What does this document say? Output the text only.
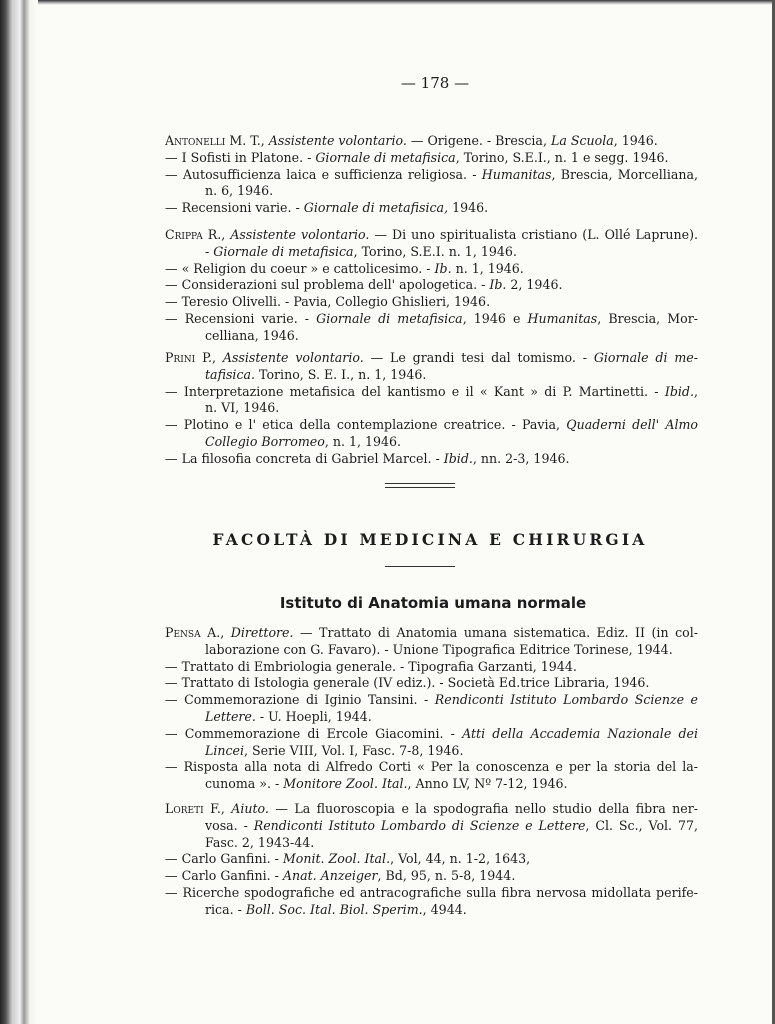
— 178 —
Antonelli M. T., Assistente volontario. — Origene. - Brescia, La Scuola, 1946.
— I Sofisti in Platone. - Giornale di metafisica, Torino, S.E.I., n. 1 e segg. 1946.
— Autosufficienza laica e sufficienza religiosa. - Humanitas, Brescia, Morcelliana,
n. 6, 1946.
— Recensioni varie. - Giornale di metafisica, 1946.
Crippa R., Assistente volontario. — Di uno spiritualista cristiano (L. Ollé Laprune).
- Giornale di metafisica, Torino, S.E.I. n. 1, 1946.
— « Religion du coeur » e cattolicesimo. - Ib. n. 1, 1946.
— Considerazioni sul problema dell' apologetica. - Ib. 2, 1946.
— Teresio Olivelli. - Pavia, Collegio Ghislieri, 1946.
— Recensioni varie. - Giornale di metafisica, 1946 e Humanitas, Brescia, Mor-
celliana, 1946.
Prini P., Assistente volontario. — Le grandi tesi dal tomismo. - Giornale di me-
tafisica. Torino, S. E. I., n. 1, 1946.
— Interpretazione metafisica del kantismo e il « Kant » di P. Martinetti. - Ibid.,
n. VI, 1946.
— Plotino e l' etica della contemplazione creatrice. - Pavia, Quaderni dell' Almo
Collegio Borromeo, n. 1, 1946.
— La filosofia concreta di Gabriel Marcel. - Ibid., nn. 2-3, 1946.
FACOLTÀ DI MEDICINA E CHIRURGIA
Istituto di Anatomia umana normale
Pensa A., Direttore. — Trattato di Anatomia umana sistematica. Ediz. II (in col-
laborazione con G. Favaro). - Unione Tipografica Editrice Torinese, 1944.
— Trattato di Embriologia generale. - Tipografia Garzanti, 1944.
— Trattato di Istologia generale (IV ediz.). - Società Ed.trice Libraria, 1946.
— Commemorazione di Iginio Tansini. - Rendiconti Istituto Lombardo Scienze e
Lettere. - U. Hoepli, 1944.
— Commemorazione di Ercole Giacomini. - Atti della Accademia Nazionale dei
Lincei, Serie VIII, Vol. I, Fasc. 7-8, 1946.
— Risposta alla nota di Alfredo Corti « Per la conoscenza e per la storia del la-
cunoma ». - Monitore Zool. Ital., Anno LV, Nº 7-12, 1946.
Loreti F., Aiuto. — La fluoroscopia e la spodografia nello studio della fibra ner-
vosa. - Rendiconti Istituto Lombardo di Scienze e Lettere, Cl. Sc., Vol. 77,
Fasc. 2, 1943-44.
— Carlo Ganfini. - Monit. Zool. Ital., Vol, 44, n. 1-2, 1643,
— Carlo Ganfini. - Anat. Anzeiger, Bd, 95, n. 5-8, 1944.
— Ricerche spodografiche ed antracografiche sulla fibra nervosa midollata perife-
rica. - Boll. Soc. Ital. Biol. Sperim., 4944.
